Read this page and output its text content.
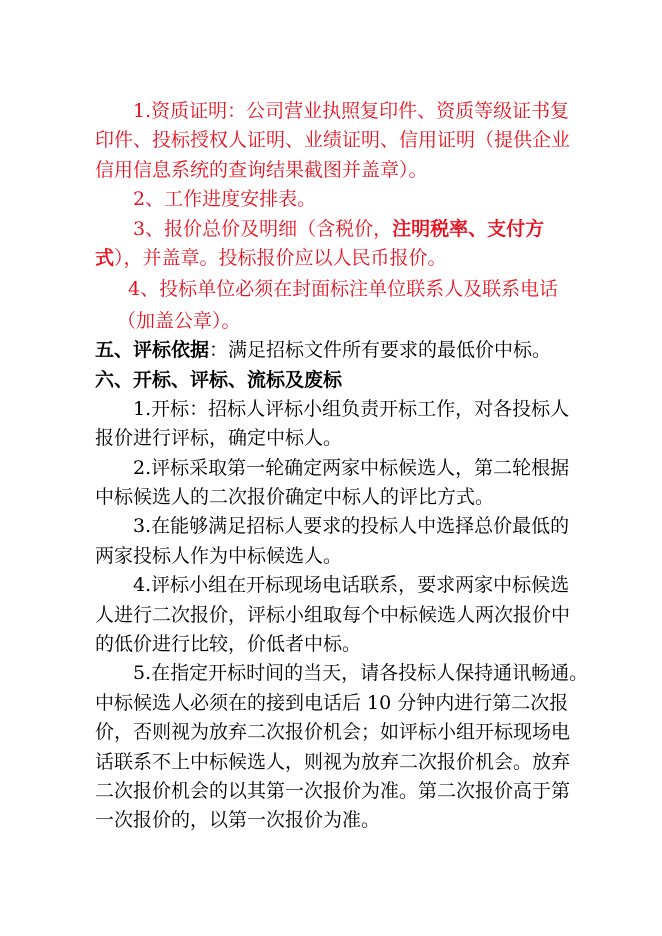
1.资质证明：公司营业执照复印件、资质等级证书复
印件、投标授权人证明、业绩证明、信用证明（提供企业
信用信息系统的查询结果截图并盖章）。
2、工作进度安排表。
3、报价总价及明细（含税价，注明税率、支付方
式），并盖章。投标报价应以人民币报价。
4、投标单位必须在封面标注单位联系人及联系电话
（加盖公章）。
五、评标依据：满足招标文件所有要求的最低价中标。
六、开标、评标、流标及废标
1.开标：招标人评标小组负责开标工作，对各投标人
报价进行评标，确定中标人。
2.评标采取第一轮确定两家中标候选人，第二轮根据
中标候选人的二次报价确定中标人的评比方式。
3.在能够满足招标人要求的投标人中选择总价最低的
两家投标人作为中标候选人。
4.评标小组在开标现场电话联系，要求两家中标候选
人进行二次报价，评标小组取每个中标候选人两次报价中
的低价进行比较，价低者中标。
5.在指定开标时间的当天，请各投标人保持通讯畅通。
中标候选人必须在的接到电话后 10 分钟内进行第二次报
价，否则视为放弃二次报价机会；如评标小组开标现场电
话联系不上中标候选人，则视为放弃二次报价机会。放弃
二次报价机会的以其第一次报价为准。第二次报价高于第
一次报价的，以第一次报价为准。
